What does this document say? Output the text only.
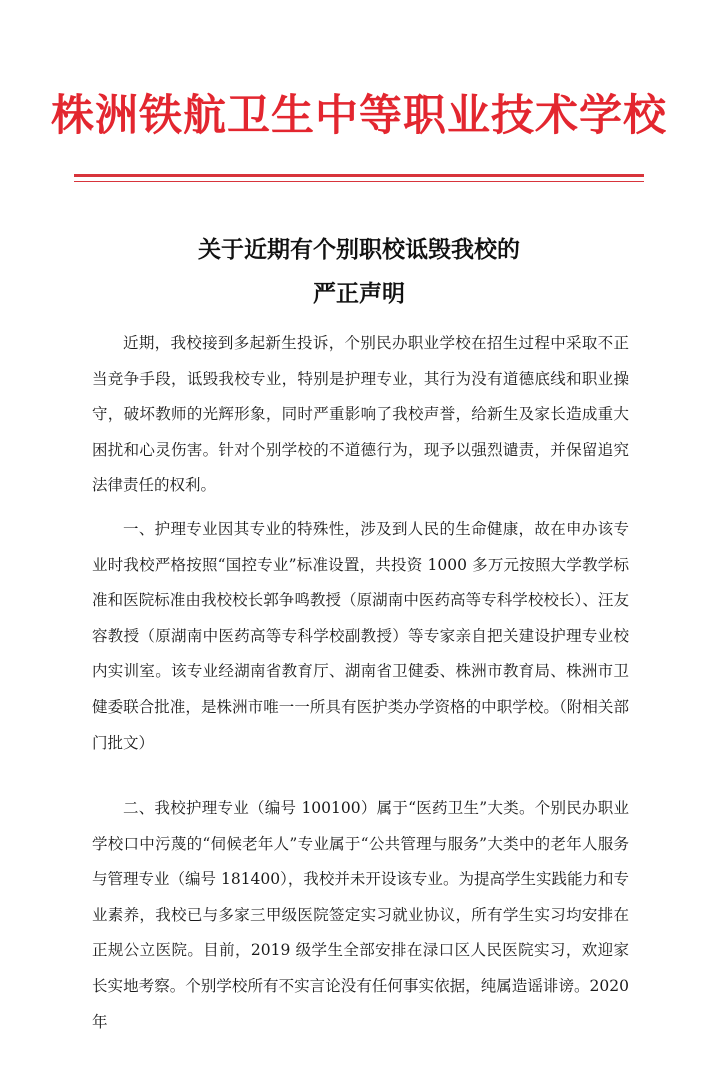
株洲铁航卫生中等职业技术学校
关于近期有个别职校诋毁我校的
严正声明

近期，我校接到多起新生投诉，个别民办职业学校在招生过程中采取不正当竞争手段，诋毁我校专业，特别是护理专业，其行为没有道德底线和职业操守，破坏教师的光辉形象，同时严重影响了我校声誉，给新生及家长造成重大困扰和心灵伤害。针对个别学校的不道德行为，现予以强烈谴责，并保留追究法律责任的权利。

一、护理专业因其专业的特殊性，涉及到人民的生命健康，故在申办该专业时我校严格按照“国控专业”标准设置，共投资 1000 多万元按照大学教学标准和医院标准由我校校长郭争鸣教授（原湖南中医药高等专科学校校长）、汪友容教授（原湖南中医药高等专科学校副教授）等专家亲自把关建设护理专业校内实训室。该专业经湖南省教育厅、湖南省卫健委、株洲市教育局、株洲市卫健委联合批准，是株洲市唯一一所具有医护类办学资格的中职学校。（附相关部门批文）

二、我校护理专业（编号 100100）属于“医药卫生”大类。个别民办职业学校口中污蔑的“伺候老年人”专业属于“公共管理与服务”大类中的老年人服务与管理专业（编号 181400），我校并未开设该专业。为提高学生实践能力和专业素养，我校已与多家三甲级医院签定实习就业协议，所有学生实习均安排在正规公立医院。目前，2019 级学生全部安排在渌口区人民医院实习，欢迎家长实地考察。个别学校所有不实言论没有任何事实依据，纯属造谣诽谤。2020 年
